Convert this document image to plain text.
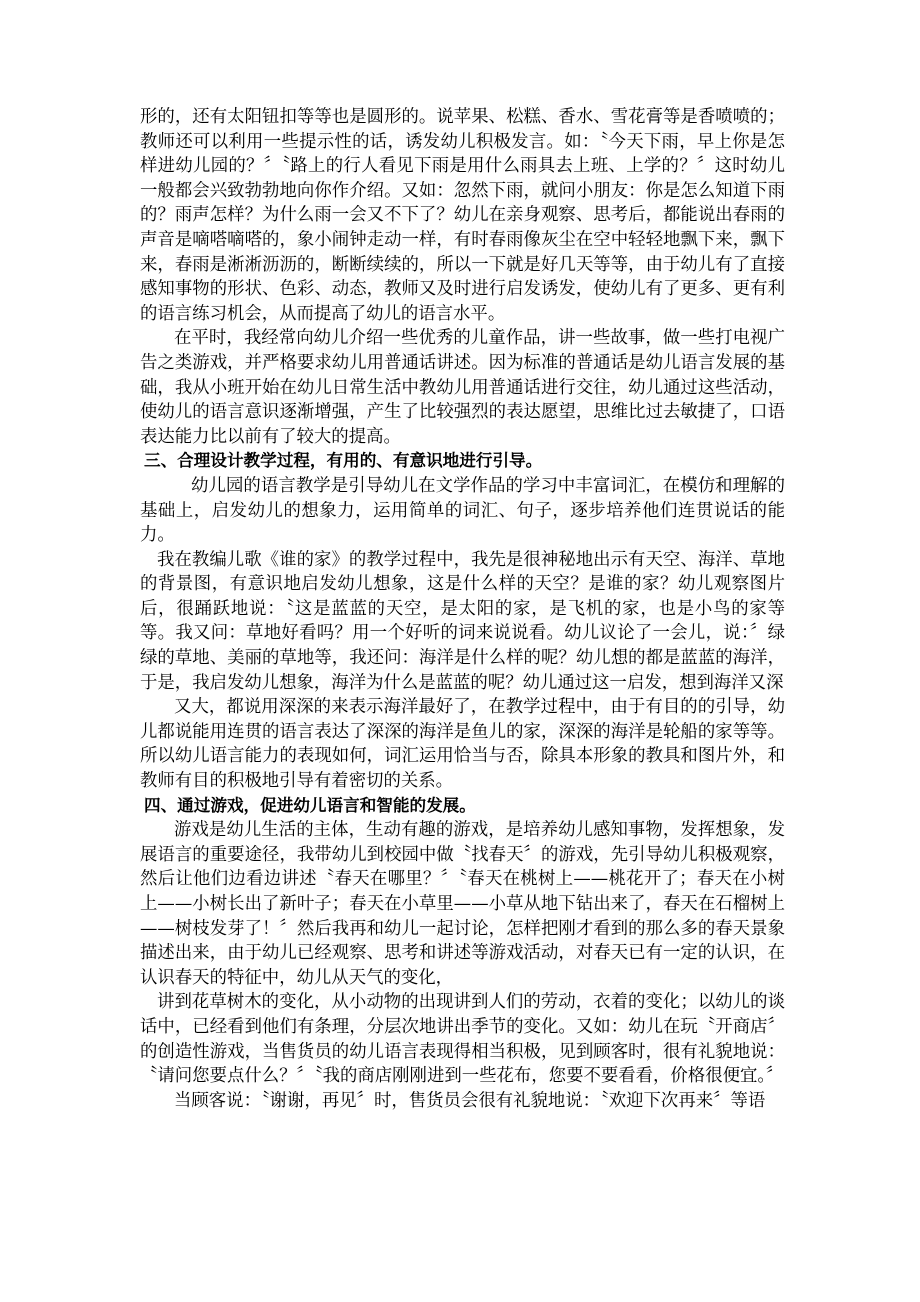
形的，还有太阳钮扣等等也是圆形的。说苹果、松糕、香水、雪花膏等是香喷喷的；教师还可以利用一些提示性的话，诱发幼儿积极发言。如：〝今天下雨，早上你是怎样进幼儿园的？〞〝路上的行人看见下雨是用什么雨具去上班、上学的？〞这时幼儿一般都会兴致勃勃地向你作介绍。又如：忽然下雨，就问小朋友：你是怎么知道下雨的？雨声怎样？为什么雨一会又不下了？幼儿在亲身观察、思考后，都能说出春雨的声音是嘀嗒嘀嗒的，象小闹钟走动一样，有时春雨像灰尘在空中轻轻地飘下来，飘下来，春雨是淅淅沥沥的，断断续续的，所以一下就是好几天等等，由于幼儿有了直接感知事物的形状、色彩、动态，教师又及时进行启发诱发，使幼儿有了更多、更有利的语言练习机会，从而提高了幼儿的语言水平。

在平时，我经常向幼儿介绍一些优秀的儿童作品，讲一些故事，做一些打电视广告之类游戏，并严格要求幼儿用普通话讲述。因为标准的普通话是幼儿语言发展的基础，我从小班开始在幼儿日常生活中教幼儿用普通话进行交往，幼儿通过这些活动，使幼儿的语言意识逐渐增强，产生了比较强烈的表达愿望，思维比过去敏捷了，口语表达能力比以前有了较大的提高。

三、合理设计教学过程，有用的、有意识地进行引导。

幼儿园的语言教学是引导幼儿在文学作品的学习中丰富词汇，在模仿和理解的基础上，启发幼儿的想象力，运用简单的词汇、句子，逐步培养他们连贯说话的能力。

我在教编儿歌《谁的家》的教学过程中，我先是很神秘地出示有天空、海洋、草地的背景图，有意识地启发幼儿想象，这是什么样的天空？是谁的家？幼儿观察图片后，很踊跃地说：〝这是蓝蓝的天空，是太阳的家，是飞机的家，也是小鸟的家等等。我又问：草地好看吗？用一个好听的词来说说看。幼儿议论了一会儿，说：〞绿绿的草地、美丽的草地等，我还问：海洋是什么样的呢？幼儿想的都是蓝蓝的海洋，于是，我启发幼儿想象，海洋为什么是蓝蓝的呢？幼儿通过这一启发，想到海洋又深

又大，都说用深深的来表示海洋最好了，在教学过程中，由于有目的的引导，幼儿都说能用连贯的语言表达了深深的海洋是鱼儿的家，深深的海洋是轮船的家等等。所以幼儿语言能力的表现如何，词汇运用恰当与否，除具本形象的教具和图片外，和教师有目的积极地引导有着密切的关系。

四、通过游戏，促进幼儿语言和智能的发展。

游戏是幼儿生活的主体，生动有趣的游戏，是培养幼儿感知事物，发挥想象，发展语言的重要途径，我带幼儿到校园中做〝找春天〞的游戏，先引导幼儿积极观察，然后让他们边看边讲述〝春天在哪里？〞〝春天在桃树上——桃花开了；春天在小树上——小树长出了新叶子；春天在小草里——小草从地下钻出来了，春天在石榴树上——树枝发芽了！〞然后我再和幼儿一起讨论，怎样把刚才看到的那么多的春天景象描述出来，由于幼儿已经观察、思考和讲述等游戏活动，对春天已有一定的认识，在认识春天的特征中，幼儿从天气的变化，

讲到花草树木的变化，从小动物的出现讲到人们的劳动，衣着的变化；以幼儿的谈话中，已经看到他们有条理，分层次地讲出季节的变化。又如：幼儿在玩〝开商店〞的创造性游戏，当售货员的幼儿语言表现得相当积极，见到顾客时，很有礼貌地说：〝请问您要点什么？〞〝我的商店刚刚进到一些花布，您要不要看看，价格很便宜。〞

当顾客说：〝谢谢，再见〞时，售货员会很有礼貌地说：〝欢迎下次再来〞等语
